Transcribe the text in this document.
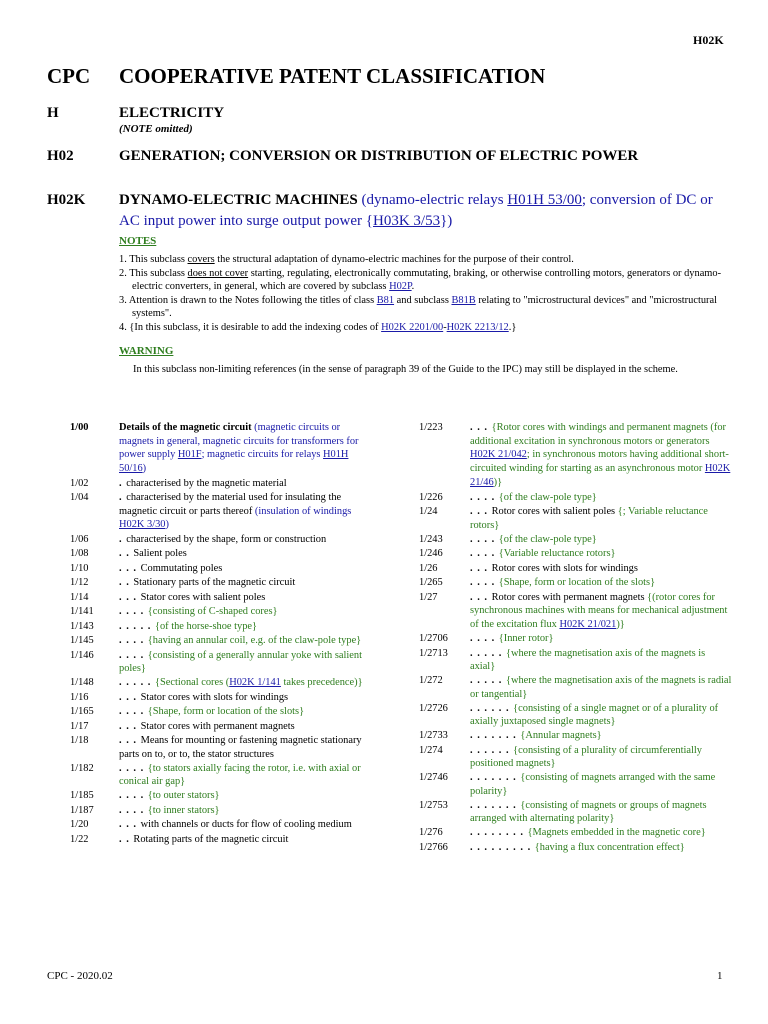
H02K
CPC COOPERATIVE PATENT CLASSIFICATION
H	ELECTRICITY
(NOTE omitted)
H02	GENERATION; CONVERSION OR DISTRIBUTION OF ELECTRIC POWER
H02K DYNAMO-ELECTRIC MACHINES (dynamo-electric relays H01H 53/00; conversion of DC or AC input power into surge output power {H03K 3/53})
NOTES
1. This subclass covers the structural adaptation of dynamo-electric machines for the purpose of their control.
2. This subclass does not cover starting, regulating, electronically commutating, braking, or otherwise controlling motors, generators or dynamo-electric converters, in general, which are covered by subclass H02P.
3. Attention is drawn to the Notes following the titles of class B81 and subclass B81B relating to "microstructural devices" and "microstructural systems".
4. {In this subclass, it is desirable to add the indexing codes of H02K 2201/00-H02K 2213/12.}
WARNING
In this subclass non-limiting references (in the sense of paragraph 39 of the Guide to the IPC) may still be displayed in the scheme.
1/00	Details of the magnetic circuit (magnetic circuits or magnets in general, magnetic circuits for transformers for power supply H01F; magnetic circuits for relays H01H 50/16)
1/02	. characterised by the magnetic material
1/04	. characterised by the material used for insulating the magnetic circuit or parts thereof (insulation of windings H02K 3/30)
1/06	. characterised by the shape, form or construction
1/08	. . Salient poles
1/10	. . . Commutating poles
1/12	. . Stationary parts of the magnetic circuit
1/14	. . . Stator cores with salient poles
1/141 . . . . {consisting of C-shaped cores}
1/143 . . . . . {of the horse-shoe type}
1/145 . . . . {having an annular coil, e.g. of the claw-pole type}
1/146 . . . . {consisting of a generally annular yoke with salient poles}
1/148 . . . . . {Sectional cores (H02K 1/141 takes precedence)}
1/16	. . . Stator cores with slots for windings
1/165 . . . . {Shape, form or location of the slots}
1/17	. . . Stator cores with permanent magnets
1/18	. . . Means for mounting or fastening magnetic stationary parts on to, or to, the stator structures
1/182 . . . . {to stators axially facing the rotor, i.e. with axial or conical air gap}
1/185 . . . . {to outer stators}
1/187 . . . . {to inner stators}
1/20	. . . with channels or ducts for flow of cooling medium
1/22	. . Rotating parts of the magnetic circuit
1/223	. . . {Rotor cores with windings and permanent magnets (for additional excitation in synchronous motors or generators H02K 21/042; in synchronous motors having additional short-circuited winding for starting as an asynchronous motor H02K 21/46)}
1/226	. . . . {of the claw-pole type}
1/24	. . . Rotor cores with salient poles {; Variable reluctance rotors}
1/243	. . . . {of the claw-pole type}
1/246	. . . . {Variable reluctance rotors}
1/26	. . . Rotor cores with slots for windings
1/265	. . . . {Shape, form or location of the slots}
1/27	. . . Rotor cores with permanent magnets {(rotor cores for synchronous machines with means for mechanical adjustment of the excitation flux H02K 21/021)}
1/2706 . . . . {Inner rotor}
1/2713 . . . . . {where the magnetisation axis of the magnets is axial}
1/272	. . . . . {where the magnetisation axis of the magnets is radial or tangential}
1/2726 . . . . . . {consisting of a single magnet or of a plurality of axially juxtaposed single magnets}
1/2733 . . . . . . . {Annular magnets}
1/274	. . . . . . {consisting of a plurality of circumferentially positioned magnets}
1/2746 . . . . . . . {consisting of magnets arranged with the same polarity}
1/2753 . . . . . . . {consisting of magnets or groups of magnets arranged with alternating polarity}
1/276	. . . . . . . . {Magnets embedded in the magnetic core}
1/2766 . . . . . . . . . {having a flux concentration effect}
CPC - 2020.02	1
